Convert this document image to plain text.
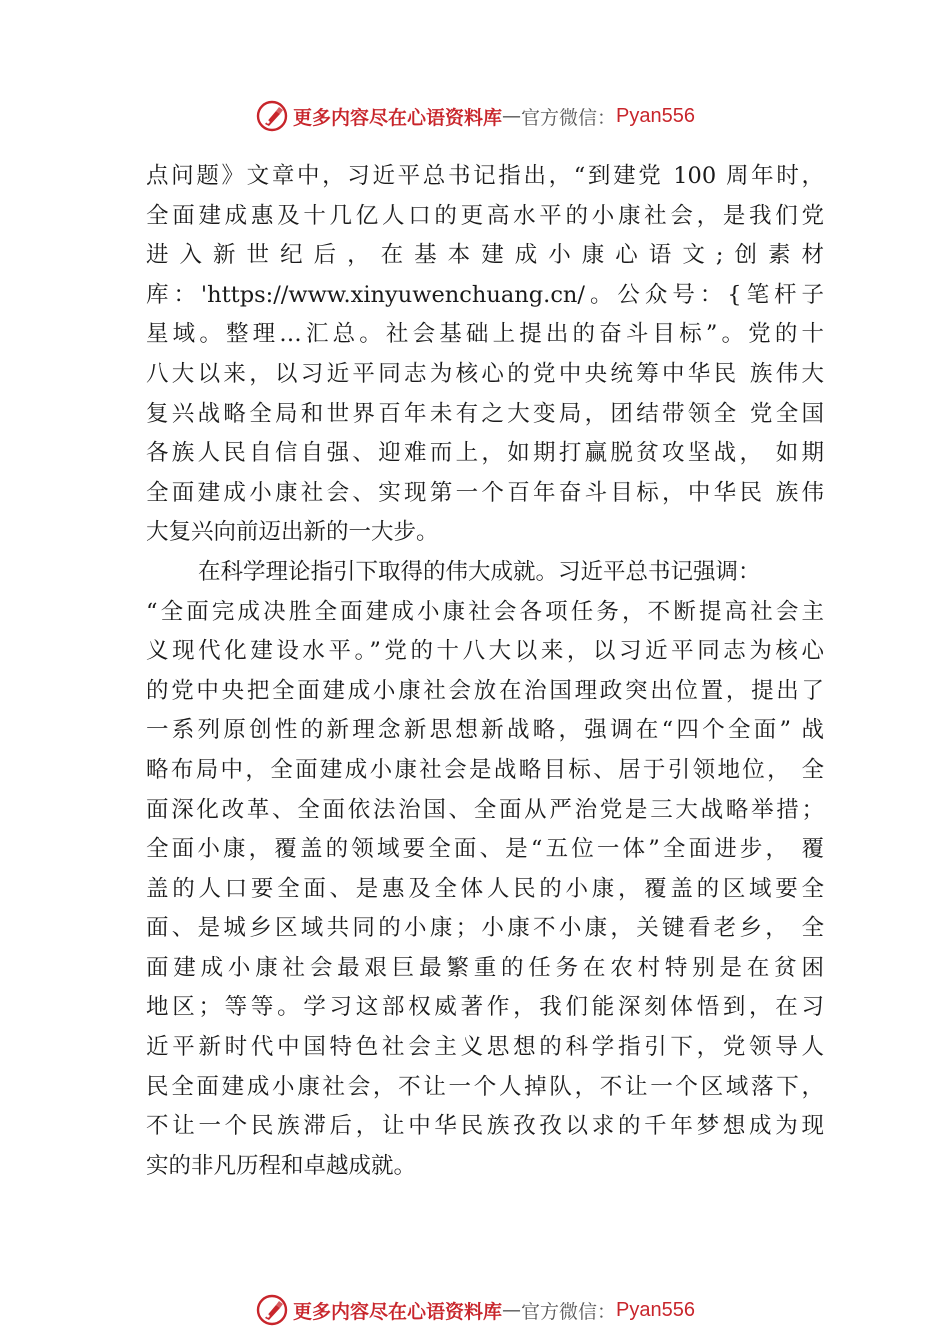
更多内容尽在心语资料库 — 官方微信： Pyan556
点问题》文章中，习近平总书记指出，“到建党 100 周年时，
全面建成惠及十几亿人口的更高水平的小康社会，是我们党
进入新世纪后，在基本建成小康心语文;创素材
库：'https://www.xinyuwenchuang.cn/。公众号：{笔杆子
星域。整理…汇总。社会基础上提出的奋斗目标”。党的十
八大以来，以习近平同志为核心的党中央统筹中华民 族伟大
复兴战略全局和世界百年未有之大变局，团结带领全 党全国
各族人民自信自强、迎难而上，如期打赢脱贫攻坚战， 如期
全面建成小康社会、实现第一个百年奋斗目标，中华民 族伟
大复兴向前迈出新的一大步。
在科学理论指引下取得的伟大成就。习近平总书记强调：
“全面完成决胜全面建成小康社会各项任务，不断提高社会主
义现代化建设水平。”党的十八大以来，以习近平同志为核心
的党中央把全面建成小康社会放在治国理政突出位置，提出了
一系列原创性的新理念新思想新战略，强调在“四个全面” 战
略布局中，全面建成小康社会是战略目标、居于引领地位， 全
面深化改革、全面依法治国、全面从严治党是三大战略举措；
全面小康，覆盖的领域要全面、是“五位一体”全面进步， 覆
盖的人口要全面、是惠及全体人民的小康，覆盖的区域要全
面、是城乡区域共同的小康；小康不小康，关键看老乡， 全
面建成小康社会最艰巨最繁重的任务在农村特别是在贫困
地区；等等。学习这部权威著作，我们能深刻体悟到，在习
近平新时代中国特色社会主义思想的科学指引下，党领导人
民全面建成小康社会，不让一个人掉队，不让一个区域落下，
不让一个民族滞后，让中华民族孜孜以求的千年梦想成为现
实的非凡历程和卓越成就。
更多内容尽在心语资料库 — 官方微信： Pyan556
